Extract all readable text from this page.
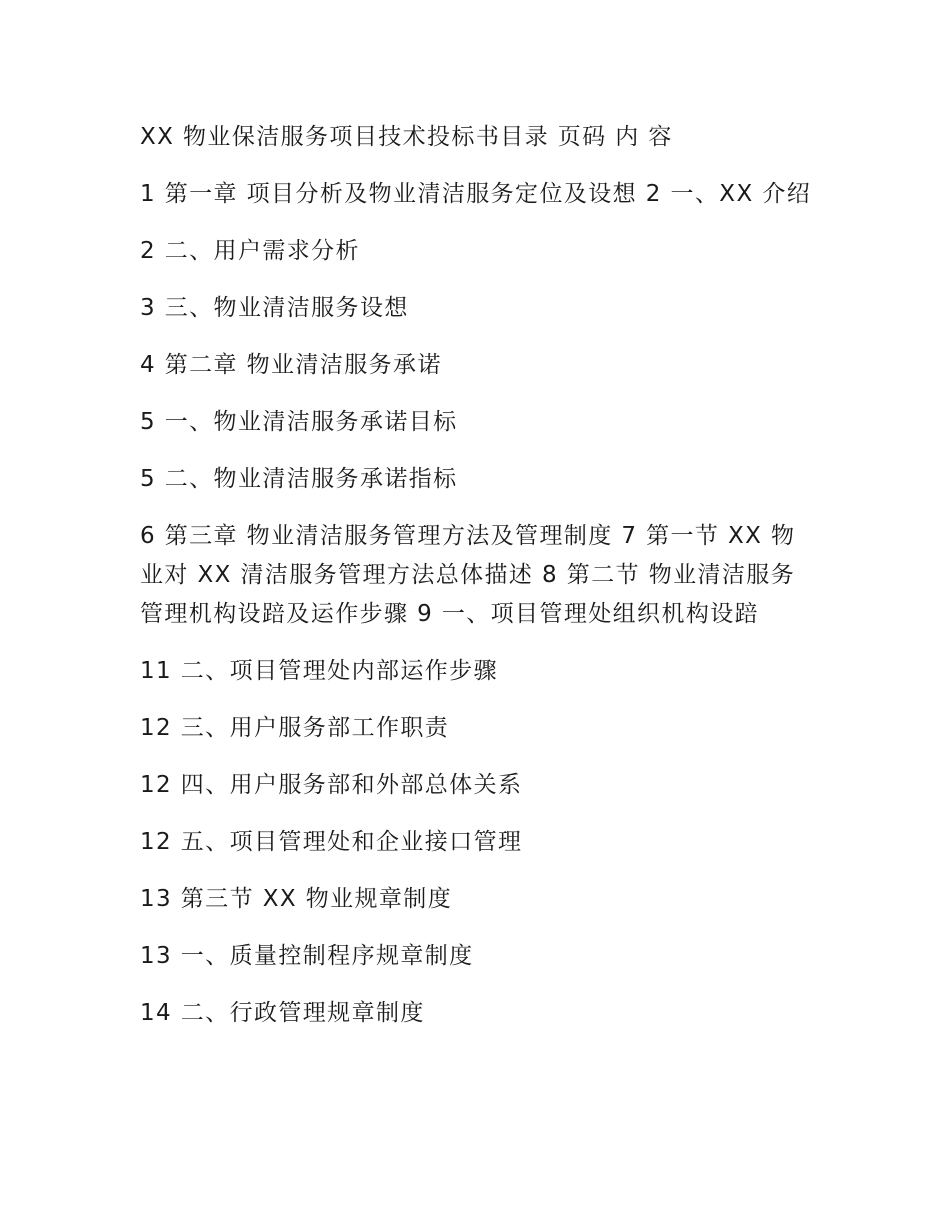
XX 物业保洁服务项目技术投标书目录 页码 内 容

1 第一章 项目分析及物业清洁服务定位及设想 2 一、XX 介绍

2 二、用户需求分析

3 三、物业清洁服务设想

4 第二章 物业清洁服务承诺

5 一、物业清洁服务承诺目标

5 二、物业清洁服务承诺指标

6 第三章 物业清洁服务管理方法及管理制度 7 第一节 XX 物业对 XX 清洁服务管理方法总体描述 8 第二节 物业清洁服务管理机构设踣及运作步骤 9 一、项目管理处组织机构设踣

11 二、项目管理处内部运作步骤

12 三、用户服务部工作职责

12 四、用户服务部和外部总体关系

12 五、项目管理处和企业接口管理

13 第三节 XX 物业规章制度

13 一、质量控制程序规章制度

14 二、行政管理规章制度
